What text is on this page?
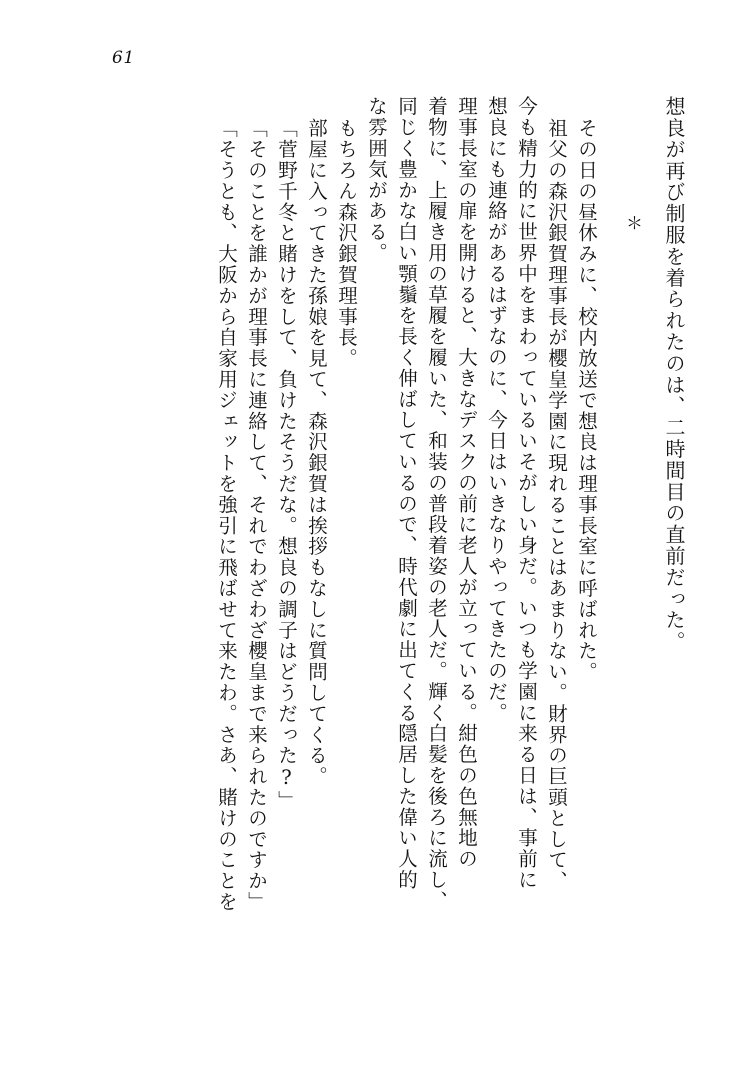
61
想良が再び制服を着られたのは、二時間目の直前だった。
＊
その日の昼休みに、校内放送で想良は理事長室に呼ばれた。
祖父の森沢銀賀理事長が櫻皇学園に現れることはあまりない。財界の巨頭として、
今も精力的に世界中をまわっているいそがしい身だ。いつも学園に来る日は、事前に
想良にも連絡があるはずなのに、今日はいきなりやってきたのだ。
理事長室の扉を開けると、大きなデスクの前に老人が立っている。紺色の色無地の
着物に、上履き用の草履を履いた、和装の普段着姿の老人だ。輝く白髪を後ろに流し、
同じく豊かな白い顎鬚を長く伸ばしているので、時代劇に出てくる隠居した偉い人的
な雰囲気がある。
もちろん森沢銀賀理事長。
部屋に入ってきた孫娘を見て、森沢銀賀は挨拶もなしに質問してくる。
「菅野千冬と賭けをして、負けたそうだな。想良の調子はどうだった?」
「そのことを誰かが理事長に連絡して、それでわざわざ櫻皇まで来られたのですか」
「そうとも、大阪から自家用ジェットを強引に飛ばせて来たわ。さあ、賭けのことを
